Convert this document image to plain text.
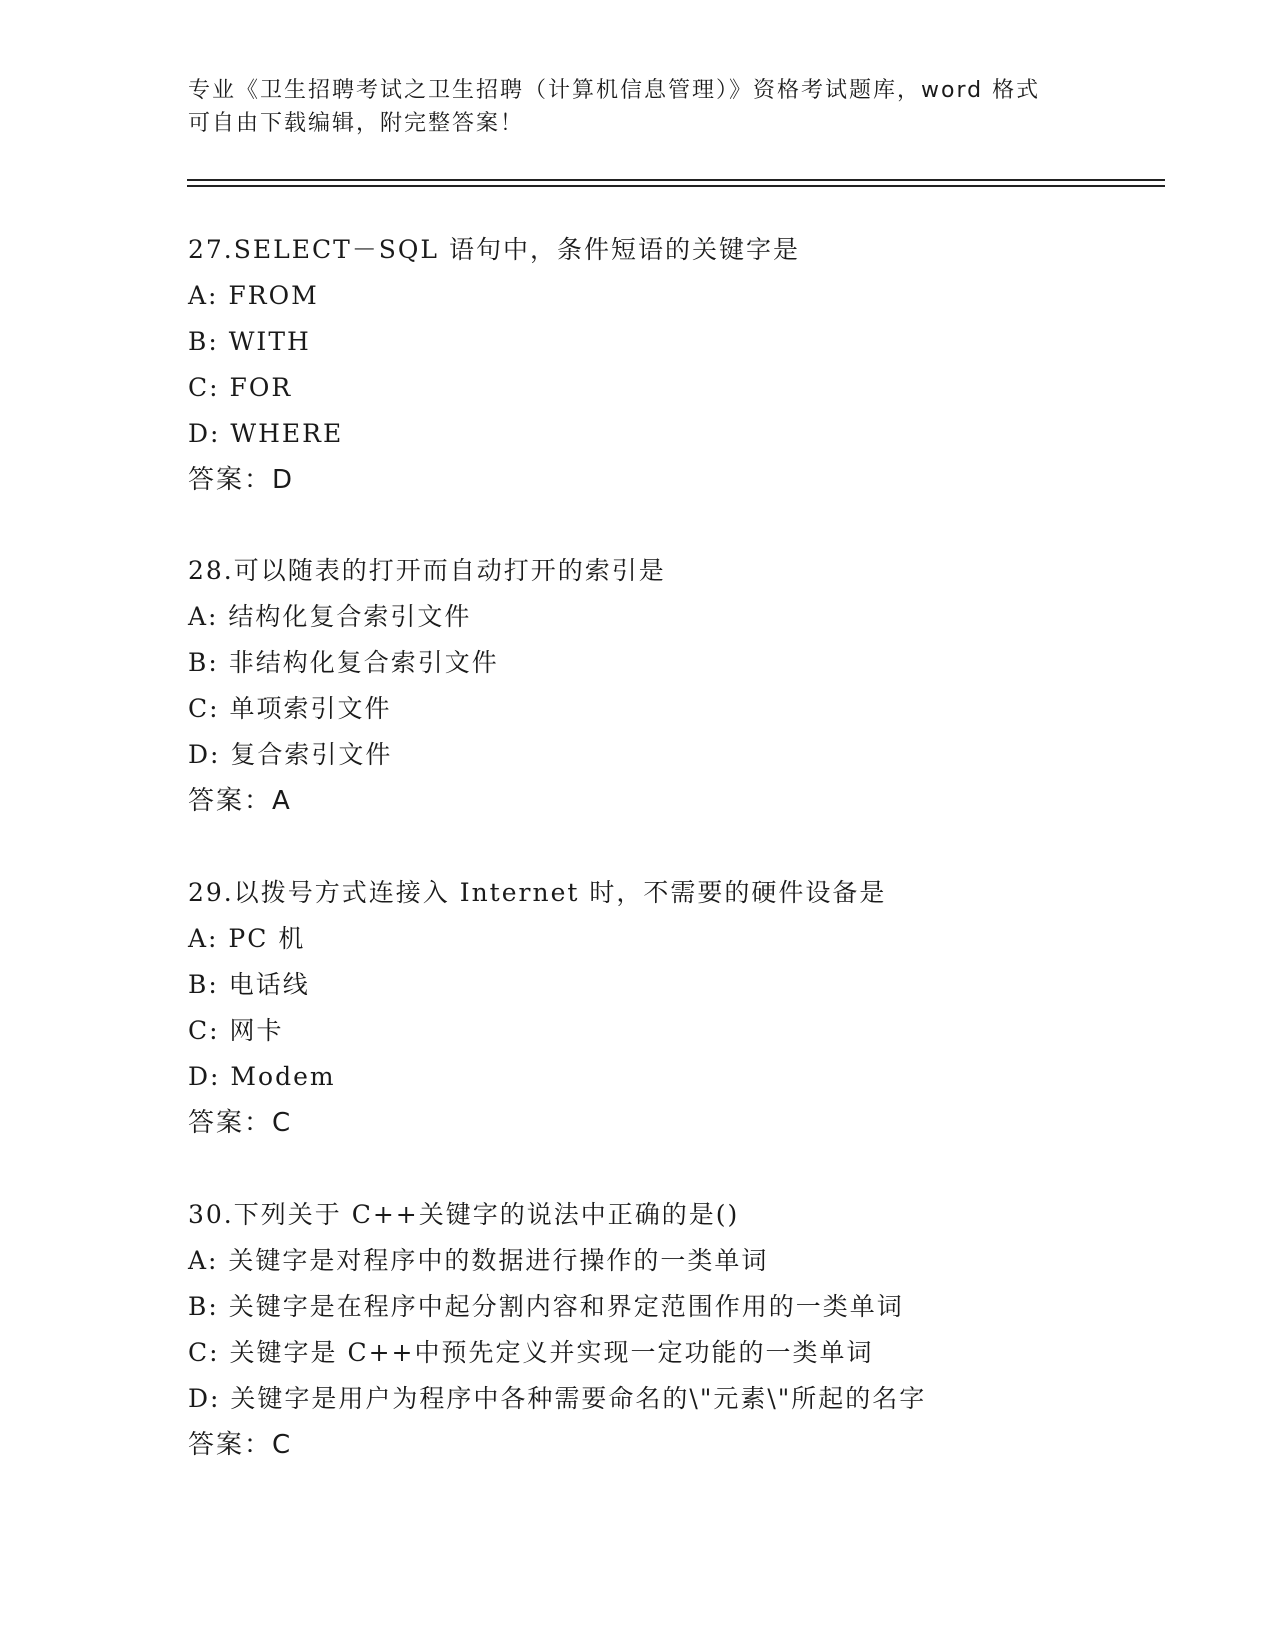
专业《卫生招聘考试之卫生招聘（计算机信息管理）》资格考试题库，word 格式
可自由下载编辑，附完整答案！
27.SELECT－SQL 语句中，条件短语的关键字是
A: FROM
B: WITH
C: FOR
D: WHERE
答案：D
28.可以随表的打开而自动打开的索引是
A: 结构化复合索引文件
B: 非结构化复合索引文件
C: 单项索引文件
D: 复合索引文件
答案：A
29.以拨号方式连接入 Internet 时，不需要的硬件设备是
A: PC 机
B: 电话线
C: 网卡
D: Modem
答案：C
30.下列关于 C++关键字的说法中正确的是()
A: 关键字是对程序中的数据进行操作的一类单词
B: 关键字是在程序中起分割内容和界定范围作用的一类单词
C: 关键字是 C++中预先定义并实现一定功能的一类单词
D: 关键字是用户为程序中各种需要命名的\"元素\"所起的名字
答案：C
